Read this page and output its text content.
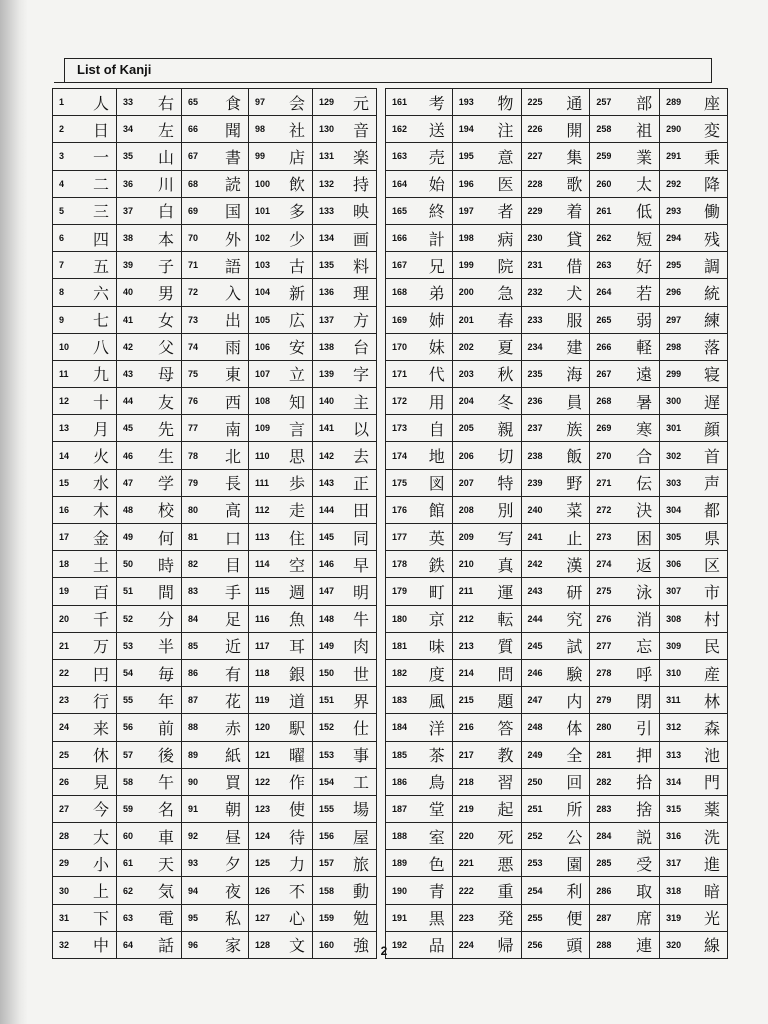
List of Kanji
1	人	33	右	65	食	97	会	129	元
2	日	34	左	66	聞	98	社	130	音
3	一	35	山	67	書	99	店	131	楽
4	二	36	川	68	読	100	飲	132	持
5	三	37	白	69	国	101	多	133	映
6	四	38	本	70	外	102	少	134	画
7	五	39	子	71	語	103	古	135	料
8	六	40	男	72	入	104	新	136	理
9	七	41	女	73	出	105	広	137	方
10	八	42	父	74	雨	106	安	138	台
11	九	43	母	75	東	107	立	139	字
12	十	44	友	76	西	108	知	140	主
13	月	45	先	77	南	109	言	141	以
14	火	46	生	78	北	110	思	142	去
15	水	47	学	79	長	111	歩	143	正
16	木	48	校	80	高	112	走	144	田
17	金	49	何	81	口	113	住	145	同
18	土	50	時	82	目	114	空	146	早
19	百	51	間	83	手	115	週	147	明
20	千	52	分	84	足	116	魚	148	牛
21	万	53	半	85	近	117	耳	149	肉
22	円	54	毎	86	有	118	銀	150	世
23	行	55	年	87	花	119	道	151	界
24	来	56	前	88	赤	120	駅	152	仕
25	休	57	後	89	紙	121	曜	153	事
26	見	58	午	90	買	122	作	154	工
27	今	59	名	91	朝	123	使	155	場
28	大	60	車	92	昼	124	待	156	屋
29	小	61	天	93	夕	125	力	157	旅
30	上	62	気	94	夜	126	不	158	動
31	下	63	電	95	私	127	心	159	勉
32	中	64	話	96	家	128	文	160	強
161	考	193	物	225	通	257	部	289	座
162	送	194	注	226	開	258	祖	290	変
163	売	195	意	227	集	259	業	291	乗
164	始	196	医	228	歌	260	太	292	降
165	終	197	者	229	着	261	低	293	働
166	計	198	病	230	貸	262	短	294	残
167	兄	199	院	231	借	263	好	295	調
168	弟	200	急	232	犬	264	若	296	統
169	姉	201	春	233	服	265	弱	297	練
170	妹	202	夏	234	建	266	軽	298	落
171	代	203	秋	235	海	267	遠	299	寝
172	用	204	冬	236	員	268	暑	300	遅
173	自	205	親	237	族	269	寒	301	顔
174	地	206	切	238	飯	270	合	302	首
175	図	207	特	239	野	271	伝	303	声
176	館	208	別	240	菜	272	決	304	都
177	英	209	写	241	止	273	困	305	県
178	鉄	210	真	242	漢	274	返	306	区
179	町	211	運	243	研	275	泳	307	市
180	京	212	転	244	究	276	消	308	村
181	味	213	質	245	試	277	忘	309	民
182	度	214	問	246	験	278	呼	310	産
183	風	215	題	247	内	279	閉	311	林
184	洋	216	答	248	体	280	引	312	森
185	茶	217	教	249	全	281	押	313	池
186	鳥	218	習	250	回	282	拾	314	門
187	堂	219	起	251	所	283	捨	315	薬
188	室	220	死	252	公	284	説	316	洗
189	色	221	悪	253	園	285	受	317	進
190	青	222	重	254	利	286	取	318	暗
191	黒	223	発	255	便	287	席	319	光
192	品	224	帰	256	頭	288	連	320	線
2
